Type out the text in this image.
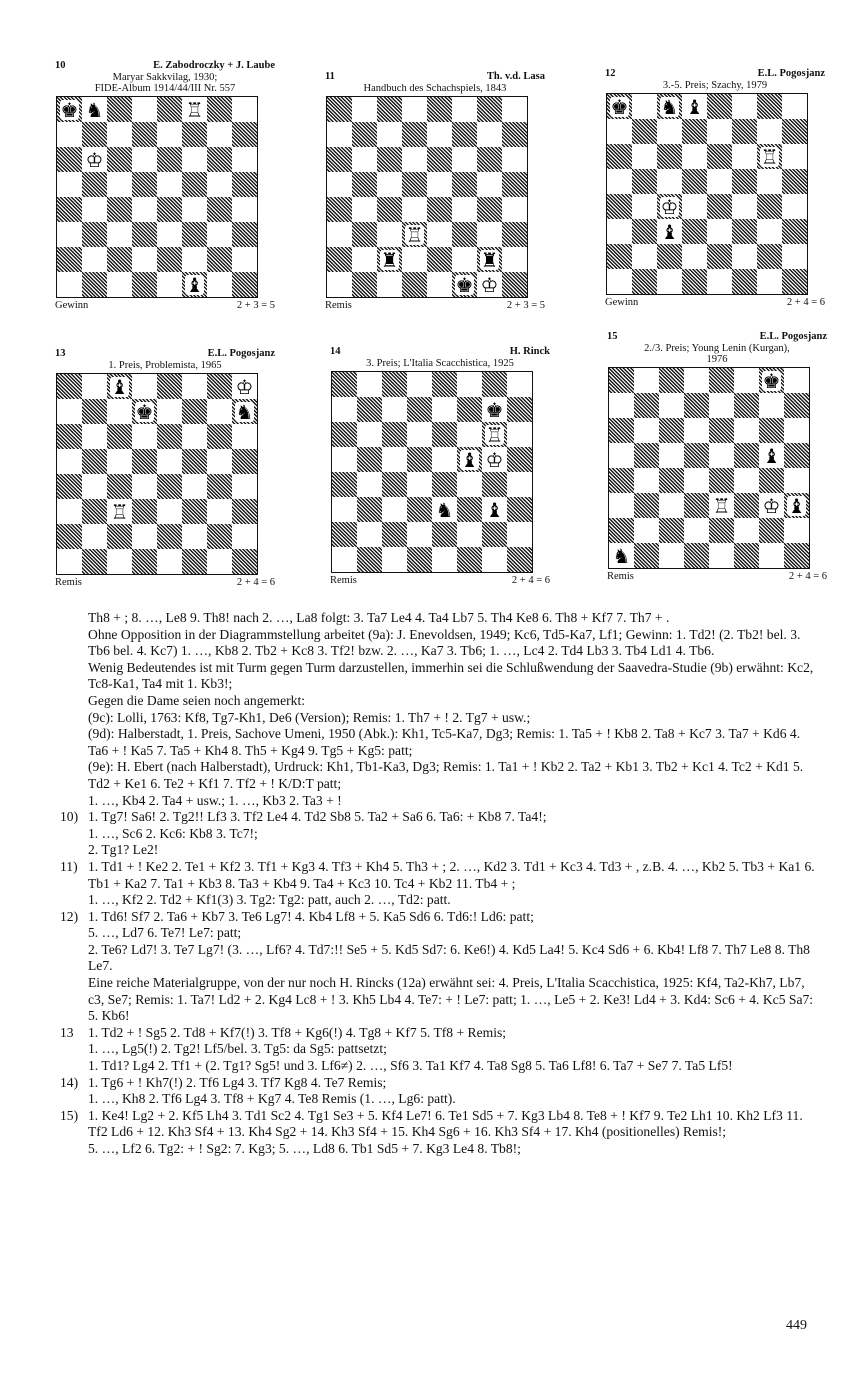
10	E. Zabodroczky + J. Laube
Maryar Sakkvilag, 1930;
FIDE-Album 1914/44/III Nr. 557
♚ ♞	♖
♔
♝
Gewinn	2 + 3 = 5
11	Th. v.d. Lasa
Handbuch des Schachspiels, 1843
♖
♜	♜
♚ ♔
Remis	2 + 3 = 5
12	E.L. Pogosjanz
3.-5. Preis; Szachy, 1979
♚ ♞ ♝
♖
♔
♝
Gewinn	2 + 4 = 6
13	E.L. Pogosjanz
1. Preis, Problemista, 1965
♝	♔
♚	♞
♖
Remis	2 + 4 = 6
14	H. Rinck
3. Preis; L'Italia Scacchistica, 1925
♚
♖
♝ ♔
♞ ♝
Remis	2 + 4 = 6
15	E.L. Pogosjanz
2./3. Preis; Young Lenin (Kurgan),
1976
♚
♝
♖ ♔ ♝
♞
Remis	2 + 4 = 6

Th8 + ; 8. …, Le8 9. Th8! nach 2. …, La8 folgt: 3. Ta7 Le4 4. Ta4 Lb7 5. Th4 Ke8 6. Th8 + Kf7 7. Th7 + .

Ohne Opposition in der Diagrammstellung arbeitet (9a): J. Enevoldsen, 1949; Kc6, Td5-Ka7, Lf1; Gewinn: 1. Td2! (2. Tb2! bel. 3. Tb6 bel. 4. Kc7) 1. …, Kb8 2. Tb2 + Kc8 3. Tf2! bzw. 2. …, Ka7 3. Tb6; 1. …, Lc4 2. Td4 Lb3 3. Tb4 Ld1 4. Tb6.

Wenig Bedeutendes ist mit Turm gegen Turm darzustellen, immerhin sei die Schlußwendung der Saavedra-Studie (9b) erwähnt: Kc2, Tc8-Ka1, Ta4 mit 1. Kb3!;

Gegen die Dame seien noch angemerkt:

(9c): Lolli, 1763: Kf8, Tg7-Kh1, De6 (Version); Remis: 1. Th7 + ! 2. Tg7 + usw.;

(9d): Halberstadt, 1. Preis, Sachove Umeni, 1950 (Abk.): Kh1, Tc5-Ka7, Dg3; Remis: 1. Ta5 + ! Kb8 2. Ta8 + Kc7 3. Ta7 + Kd6 4. Ta6 + ! Ka5 7. Ta5 + Kh4 8. Th5 + Kg4 9. Tg5 + Kg5: patt;

(9e): H. Ebert (nach Halberstadt), Urdruck: Kh1, Tb1-Ka3, Dg3; Remis: 1. Ta1 + ! Kb2 2. Ta2 + Kb1 3. Tb2 + Kc1 4. Tc2 + Kd1 5. Td2 + Ke1 6. Te2 + Kf1 7. Tf2 + ! K/D:T patt;

1. …, Kb4 2. Ta4 + usw.; 1. …, Kb3 2. Ta3 + !

10) 1. Tg7! Sa6! 2. Tg2!! Lf3 3. Tf2 Le4 4. Td2 Sb8 5. Ta2 + Sa6 6. Ta6: + Kb8 7. Ta4!;
1. …, Sc6 2. Kc6: Kb8 3. Tc7!;
2. Tg1? Le2!
11) 1. Td1 + ! Ke2 2. Te1 + Kf2 3. Tf1 + Kg3 4. Tf3 + Kh4 5. Th3 + ; 2. …, Kd2 3. Td1 + Kc3 4. Td3 + , z.B. 4. …, Kb2 5. Tb3 + Ka1 6. Tb1 + Ka2 7. Ta1 + Kb3 8. Ta3 + Kb4 9. Ta4 + Kc3 10. Tc4 + Kb2 11. Tb4 + ;
1. …, Kf2 2. Td2 + Kf1(3) 3. Tg2: Tg2: patt, auch 2. …, Td2: patt.
12) 1. Td6! Sf7 2. Ta6 + Kb7 3. Te6 Lg7! 4. Kb4 Lf8 + 5. Ka5 Sd6 6. Td6:! Ld6: patt;
5. …, Ld7 6. Te7! Le7: patt;
2. Te6? Ld7! 3. Te7 Lg7! (3. …, Lf6? 4. Td7:!! Se5 + 5. Kd5 Sd7: 6. Ke6!) 4. Kd5 La4! 5. Kc4 Sd6 + 6. Kb4! Lf8 7. Th7 Le8 8. Th8 Le7.
Eine reiche Materialgruppe, von der nur noch H. Rincks (12a) erwähnt sei: 4. Preis, L'Italia Scacchistica, 1925: Kf4, Ta2-Kh7, Lb7, c3, Se7; Remis: 1. Ta7! Ld2 + 2. Kg4 Lc8 + ! 3. Kh5 Lb4 4. Te7: + ! Le7: patt; 1. …, Le5 + 2. Ke3! Ld4 + 3. Kd4: Sc6 + 4. Kc5 Sa7: 5. Kb6!
13	1. Td2 + ! Sg5 2. Td8 + Kf7(!) 3. Tf8 + Kg6(!) 4. Tg8 + Kf7 5. Tf8 + Remis;
1. …, Lg5(!) 2. Tg2! Lf5/bel. 3. Tg5: da Sg5: pattsetzt;
1. Td1? Lg4 2. Tf1 + (2. Tg1? Sg5! und 3. Lf6≠) 2. …, Sf6 3. Ta1 Kf7 4. Ta8 Sg8 5. Ta6 Lf8! 6. Ta7 + Se7 7. Ta5 Lf5!
14) 1. Tg6 + ! Kh7(!) 2. Tf6 Lg4 3. Tf7 Kg8 4. Te7 Remis;
1. …, Kh8 2. Tf6 Lg4 3. Tf8 + Kg7 4. Te8 Remis (1. …, Lg6: patt).
15) 1. Ke4! Lg2 + 2. Kf5 Lh4 3. Td1 Sc2 4. Tg1 Se3 + 5. Kf4 Le7! 6. Te1 Sd5 + 7. Kg3 Lb4 8. Te8 + ! Kf7 9. Te2 Lh1 10. Kh2 Lf3 11. Tf2 Ld6 + 12. Kh3 Sf4 + 13. Kh4 Sg2 + 14. Kh3 Sf4 + 15. Kh4 Sg6 + 16. Kh3 Sf4 + 17. Kh4 (positionelles) Remis!;
5. …, Lf2 6. Tg2: + ! Sg2: 7. Kg3; 5. …, Ld8 6. Tb1 Sd5 + 7. Kg3 Le4 8. Tb8!;
449
